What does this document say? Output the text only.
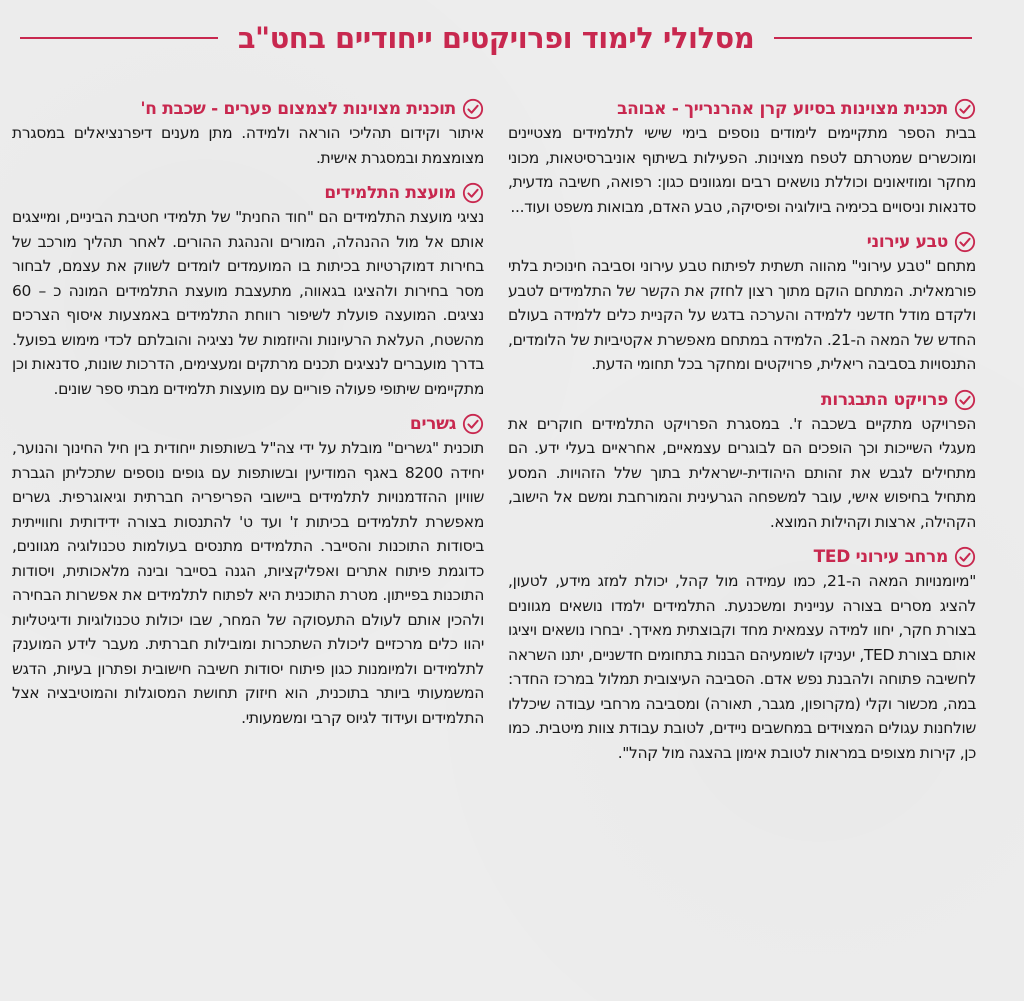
מסלולי לימוד ופרויקטים ייחודיים בחט"ב
תכנית מצוינות בסיוע קרן אהרנרייך - אבוהב

בבית הספר מתקיימים לימודים נוספים בימי שישי לתלמידים מצטיינים ומוכשרים שמטרתם לטפח מצוינות. הפעילות בשיתוף אוניברסיטאות, מכוני מחקר ומוזיאונים וכוללת נושאים רבים ומגוונים כגון: רפואה, חשיבה מדעית, סדנאות וניסויים בכימיה ביולוגיה ופיסיקה, טבע האדם, מבואות משפט ועוד...

טבע עירוני

מתחם "טבע עירוני" מהווה תשתית לפיתוח טבע עירוני וסביבה חינוכית בלתי פורמאלית. המתחם הוקם מתוך רצון לחזק את הקשר של התלמידים לטבע ולקדם מודל חדשני ללמידה והערכה בדגש על הקניית כלים ללמידה בעולם החדש של המאה ה-21. הלמידה במתחם מאפשרת אקטיביות של הלומדים, התנסויות בסביבה ריאלית, פרויקטים ומחקר בכל תחומי הדעת.

פרויקט התבגרות

הפרויקט מתקיים בשכבה ז'. במסגרת הפרויקט התלמידים חוקרים את מעגלי השייכות וכך הופכים הם לבוגרים עצמאיים, אחראיים בעלי ידע. הם מתחילים לגבש את זהותם היהודית-ישראלית בתוך שלל הזהויות. המסע מתחיל בחיפוש אישי, עובר למשפחה הגרעינית והמורחבת ומשם אל הישוב, הקהילה, ארצות וקהילות המוצא.

מרחב עירוני TED

"מיומנויות המאה ה-21, כמו עמידה מול קהל, יכולת למזג מידע, לטעון, להציג מסרים בצורה עניינית ומשכנעת. התלמידים ילמדו נושאים מגוונים בצורת חקר, יחוו למידה עצמאית מחד וקבוצתית מאידך. יבחרו נושאים ויציגו אותם בצורת TED, יעניקו לשומעיהם הבנות בתחומים חדשניים, יתנו השראה לחשיבה פתוחה ולהבנת נפש אדם. הסביבה העיצובית תמלול במרכז החדר: במה, מכשור וקלי (מקרופון, מגבר, תאורה) ומסביבה מרחבי עבודה שיכללו שולחנות עגולים המצוידים במחשבים ניידים, לטובת עבודת צוות מיטבית. כמו כן, קירות מצופים במראות לטובת אימון בהצגה מול קהל".

תוכנית מצוינות לצמצום פערים - שכבת ח'

איתור וקידום תהליכי הוראה ולמידה. מתן מענים דיפרנציאלים במסגרת מצומצמת ובמסגרת אישית.

מועצת התלמידים

נציגי מועצת התלמידים הם "חוד החנית" של תלמידי חטיבת הביניים, ומייצגים אותם אל מול ההנהלה, המורים והנהגת ההורים. לאחר תהליך מורכב של בחירות דמוקרטיות בכיתות בו המועמדים לומדים לשווק את עצמם, לבחור מסר בחירות ולהציגו בגאווה, מתעצבת מועצת התלמידים המונה כ – 60 נציגים. המועצה פועלת לשיפור רווחת התלמידים באמצעות איסוף הצרכים מהשטח, העלאת הרעיונות והיוזמות של נציגיה והובלתם לכדי מימוש בפועל. בדרך מועברים לנציגים תכנים מרתקים ומעצימים, הדרכות שונות, סדנאות וכן מתקיימים שיתופי פעולה פוריים עם מועצות תלמידים מבתי ספר שונים.

גשרים

תוכנית "גשרים" מובלת על ידי צה"ל בשותפות ייחודית בין חיל החינוך והנוער, יחידה 8200 באגף המודיעין ובשותפות עם גופים נוספים שתכליתן הגברת שוויון ההזדמנויות לתלמידים ביישובי הפריפריה חברתית וגיאוגרפית. גשרים מאפשרת לתלמידים בכיתות ז' ועד ט' להתנסות בצורה ידידותית וחווייתית ביסודות התוכנות והסייבר. התלמידים מתנסים בעולמות טכנולוגיה מגוונים, כדוגמת פיתוח אתרים ואפליקציות, הגנה בסייבר ובינה מלאכותית, ויסודות התוכנות בפייתון. מטרת התוכנית היא לפתוח לתלמידים את אפשרות הבחירה ולהכין אותם לעולם התעסוקה של המחר, שבו יכולות טכנולוגיות ודיגיטליות יהוו כלים מרכזיים ליכולת השתכרות ומובילות חברתית. מעבר לידע המוענק לתלמידים ולמיומנות כגון פיתוח יסודות חשיבה חישובית ופתרון בעיות, הדגש המשמעותי ביותר בתוכנית, הוא חיזוק תחושת המסוגלות והמוטיבציה אצל התלמידים ועידוד לגיוס קרבי ומשמעותי.
